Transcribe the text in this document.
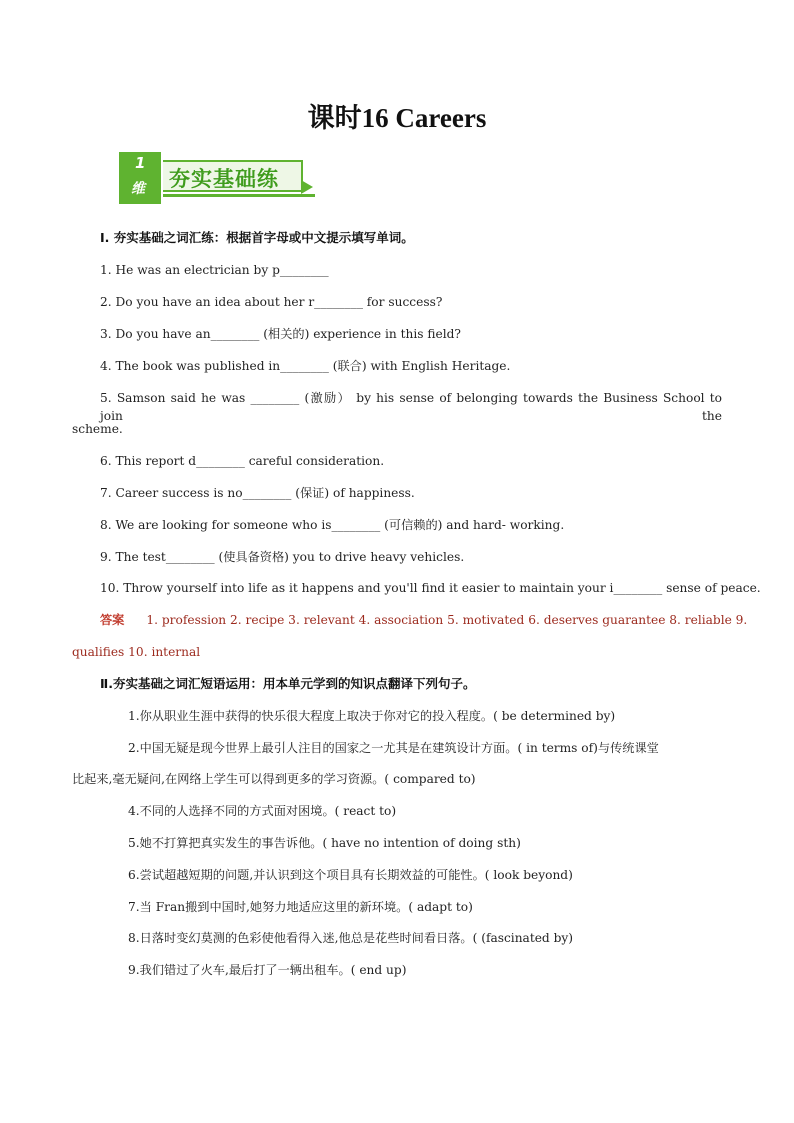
课时16 Careers
1
维 夯实基础练
I. 夯实基础之词汇练：根据首字母或中文提示填写单词。
1. He was an electrician by p________
2. Do you have an idea about her r________ for success?
3. Do you have an________ (相关的) experience in this field?
4. The book was published in________ (联合) with English Heritage.
5. Samson said he was ________ (激励） by his sense of belonging towards the Business School to join the
scheme.
6. This report d________ careful consideration.
7. Career success is no________ (保证) of happiness.
8. We are looking for someone who is________ (可信赖的) and hard- working.
9. The test________ (使具备资格) you to drive heavy vehicles.
10. Throw yourself into life as it happens and you'll find it easier to maintain your i________ sense of peace.
答案 1. profession 2. recipe 3. relevant 4. association 5. motivated 6. deserves guarantee 8. reliable 9.
qualifies 10. internal
Ⅱ.夯实基础之词汇短语运用：用本单元学到的知识点翻译下列句子。
1.你从职业生涯中获得的快乐很大程度上取决于你对它的投入程度。( be determined by)
2.中国无疑是现今世界上最引人注目的国家之一尤其是在建筑设计方面。( in terms of)与传统课堂
比起来,毫无疑问,在网络上学生可以得到更多的学习资源。( compared to)
4.不同的人选择不同的方式面对困境。( react to)
5.她不打算把真实发生的事告诉他。( have no intention of doing sth)
6.尝试超越短期的问题,并认识到这个项目具有长期效益的可能性。( look beyond)
7.当 Fran搬到中国时,她努力地适应这里的新环境。( adapt to)
8.日落时变幻莫测的色彩使他看得入迷,他总是花些时间看日落。( (fascinated by)
9.我们错过了火车,最后打了一辆出租车。( end up)
